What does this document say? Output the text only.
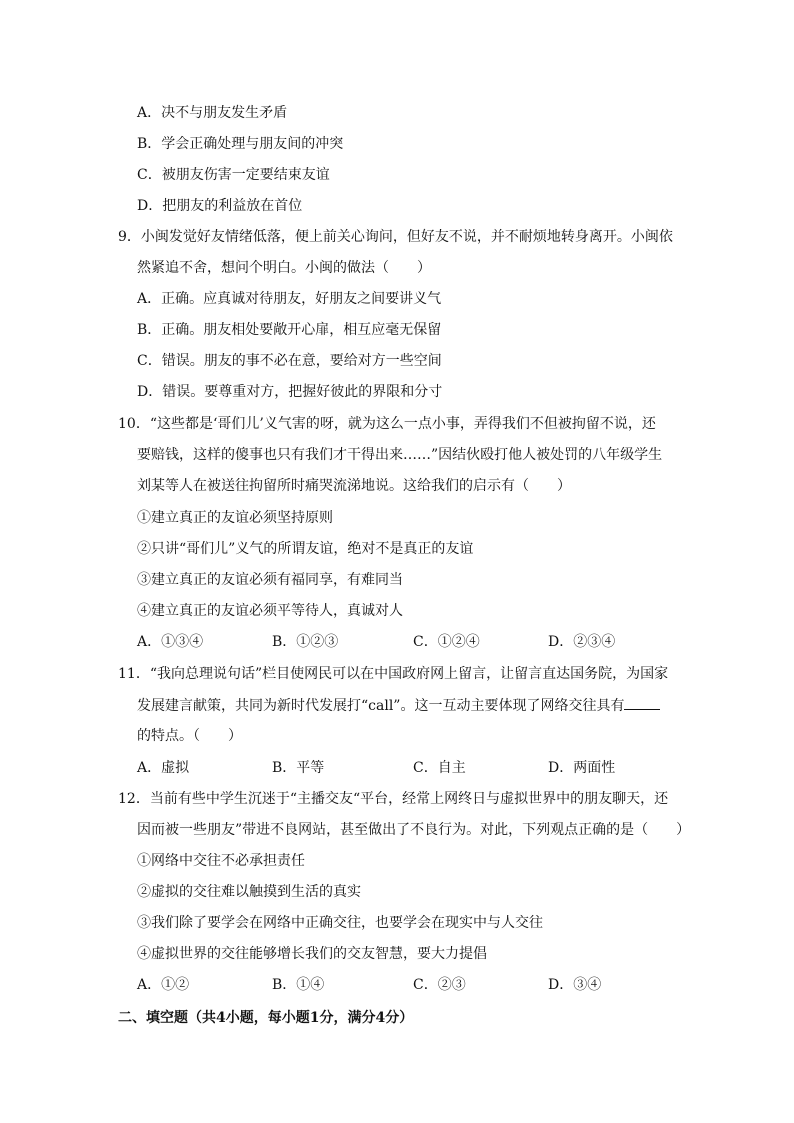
A．决不与朋友发生矛盾
B．学会正确处理与朋友间的冲突
C．被朋友伤害一定要结束友谊
D．把朋友的利益放在首位
9．小闽发觉好友情绪低落，便上前关心询问，但好友不说，并不耐烦地转身离开。小闽依
然紧追不舍，想问个明白。小闽的做法（　　）
A．正确。应真诚对待朋友，好朋友之间要讲义气
B．正确。朋友相处要敞开心扉，相互应毫无保留
C．错误。朋友的事不必在意，要给对方一些空间
D．错误。要尊重对方，把握好彼此的界限和分寸
10．“这些都是‘哥们儿’义气害的呀，就为这么一点小事，弄得我们不但被拘留不说，还
要赔钱，这样的傻事也只有我们才干得出来……”因结伙殴打他人被处罚的八年级学生
刘某等人在被送往拘留所时痛哭流涕地说。这给我们的启示有（　　）
①建立真正的友谊必须坚持原则
②只讲“哥们儿”义气的所谓友谊，绝对不是真正的友谊
③建立真正的友谊必须有福同享，有难同当
④建立真正的友谊必须平等待人，真诚对人
A．①③④	B．①②③	C．①②④	D．②③④
11．“我向总理说句话”栏目使网民可以在中国政府网上留言，让留言直达国务院，为国家
发展建言献策，共同为新时代发展打“call”。这一互动主要体现了网络交往具有
的特点。（　　）
A．虚拟	B．平等	C．自主	D．两面性
12．当前有些中学生沉迷于“主播交友“平台，经常上网终日与虚拟世界中的朋友聊天，还
因而被一些朋友”带进不良网站，甚至做出了不良行为。对此，下列观点正确的是（　　）
①网络中交往不必承担责任
②虚拟的交往难以触摸到生活的真实
③我们除了要学会在网络中正确交往，也要学会在现实中与人交往
④虚拟世界的交往能够增长我们的交友智慧，要大力提倡
A．①②	B．①④	C．②③	D．③④
二、填空题（共4小题，每小题1分，满分4分）
